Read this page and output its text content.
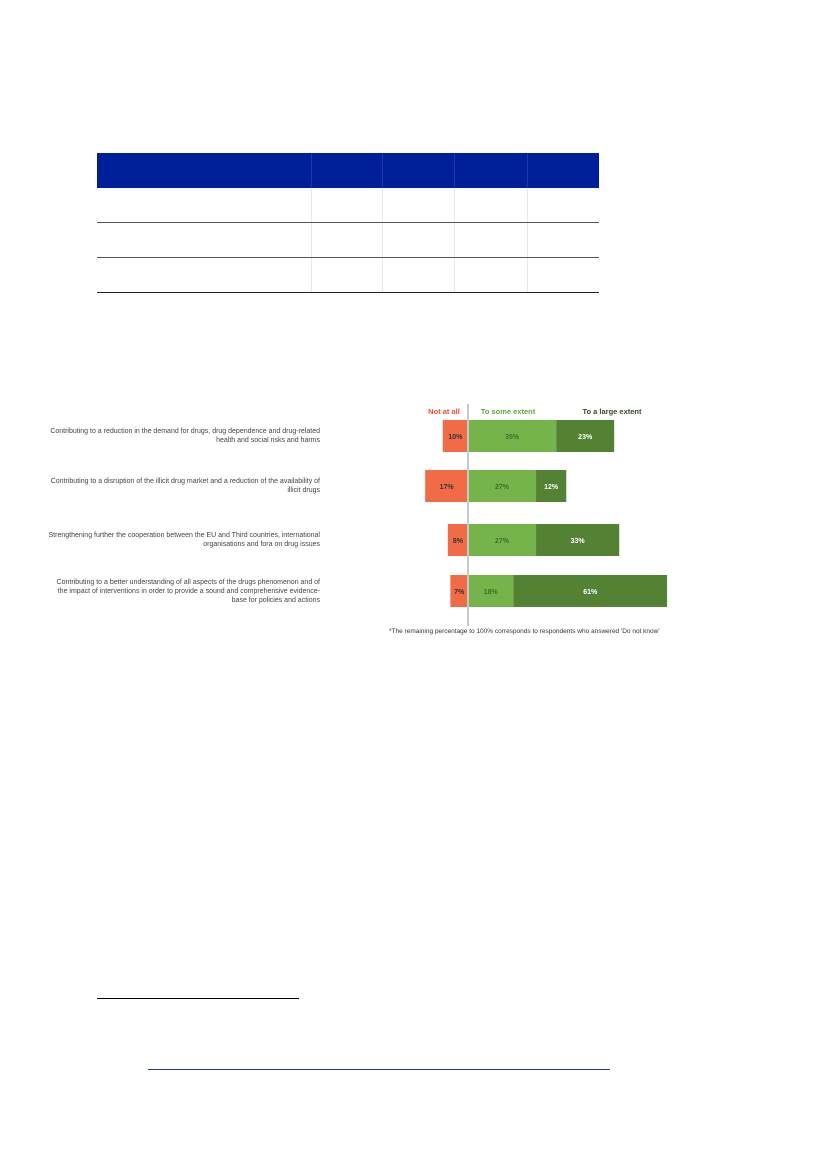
Not at all	To some extent	To a large extent
10%	35%	23%
17%	27%	12%
8%	27%	33%
7%	18%	61%
Contributing to a reduction in the demand for drugs, drug dependence and drug-related
health and social risks and harms
Contributing to a disruption of the illicit drug market and a reduction of the availability of
illicit drugs
Strengthening further the cooperation between the EU and Third countries, international
organisations and fora on drug issues
Contributing to a better understanding of all aspects of the drugs phenomenon and of
the impact of interventions in order to provide a sound and comprehensive evidence-
base for policies and actions
*The remaining percentage to 100% corresponds to respondents who answered 'Do not know'
